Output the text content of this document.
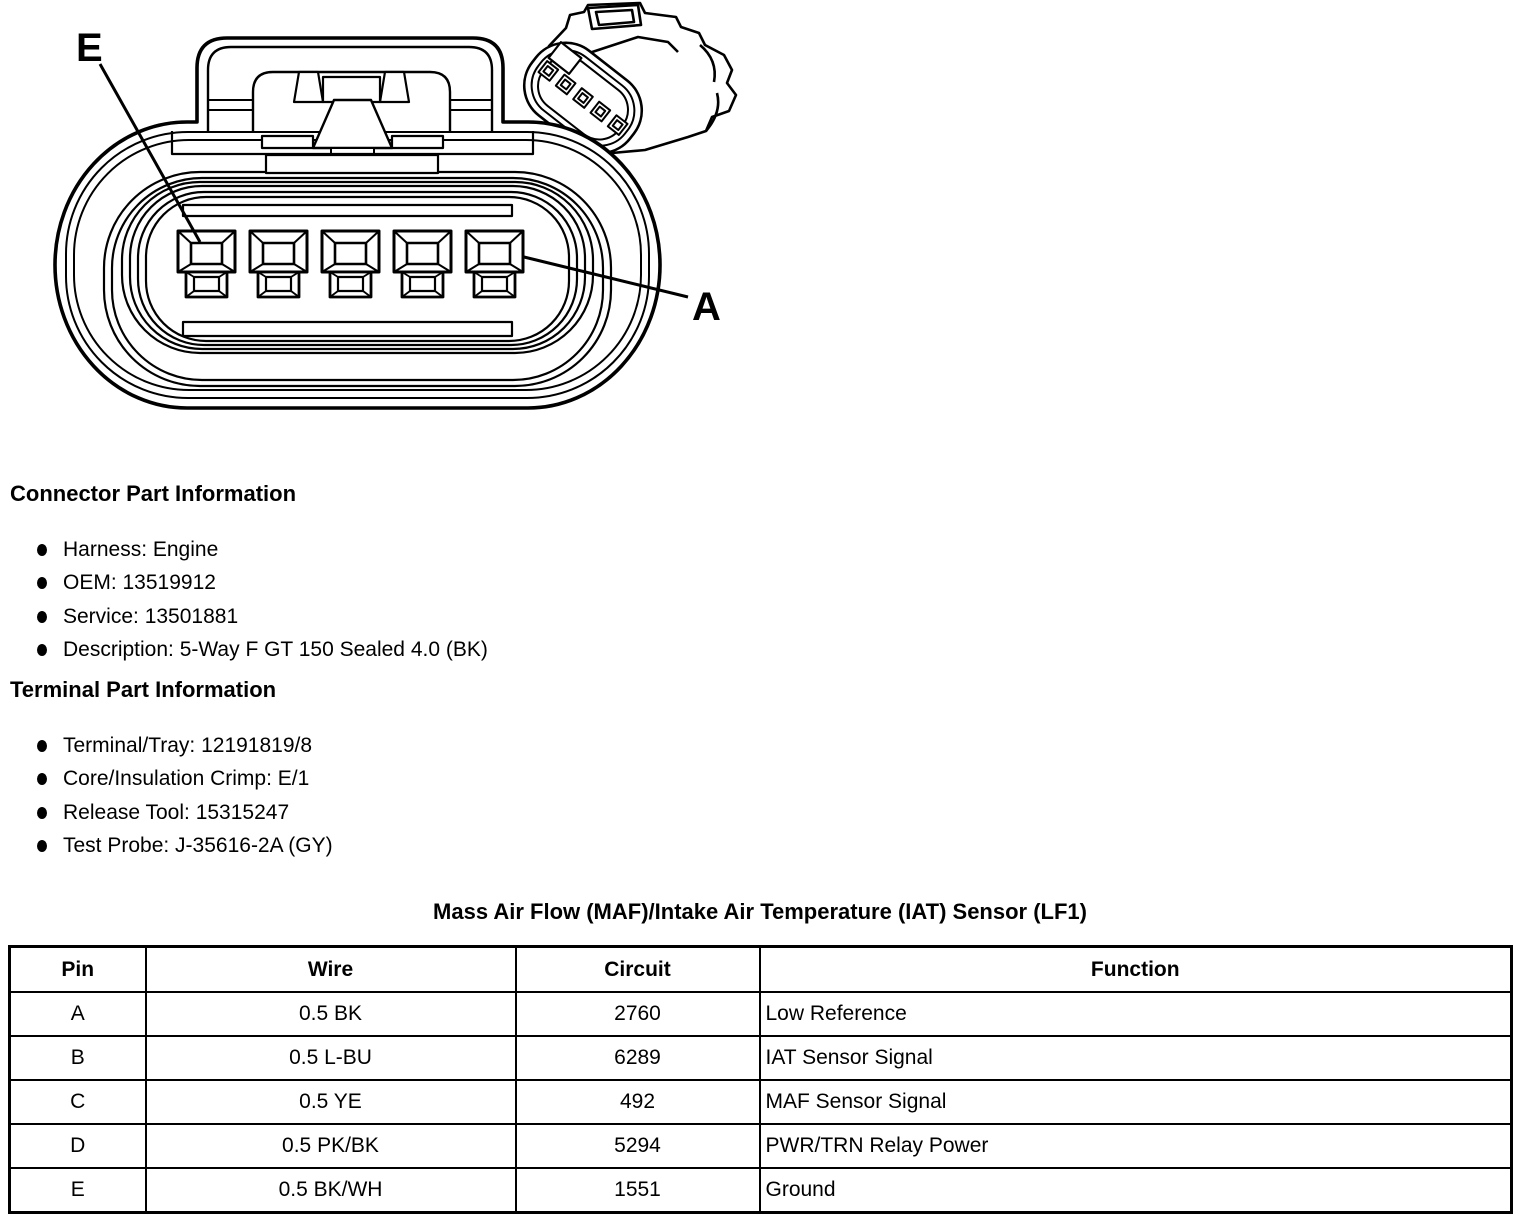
E
A
Connector Part Information
Harness: Engine
OEM: 13519912
Service: 13501881
Description: 5-Way F GT 150 Sealed 4.0 (BK)
Terminal Part Information
Terminal/Tray: 12191819/8
Core/Insulation Crimp: E/1
Release Tool: 15315247
Test Probe: J-35616-2A (GY)
Mass Air Flow (MAF)/Intake Air Temperature (IAT) Sensor (LF1)
Pin	Wire	Circuit	Function
A	0.5 BK	2760	Low Reference
B	0.5 L-BU	6289	IAT Sensor Signal
C	0.5 YE	492	MAF Sensor Signal
D	0.5 PK/BK	5294	PWR/TRN Relay Power
E	0.5 BK/WH	1551	Ground
